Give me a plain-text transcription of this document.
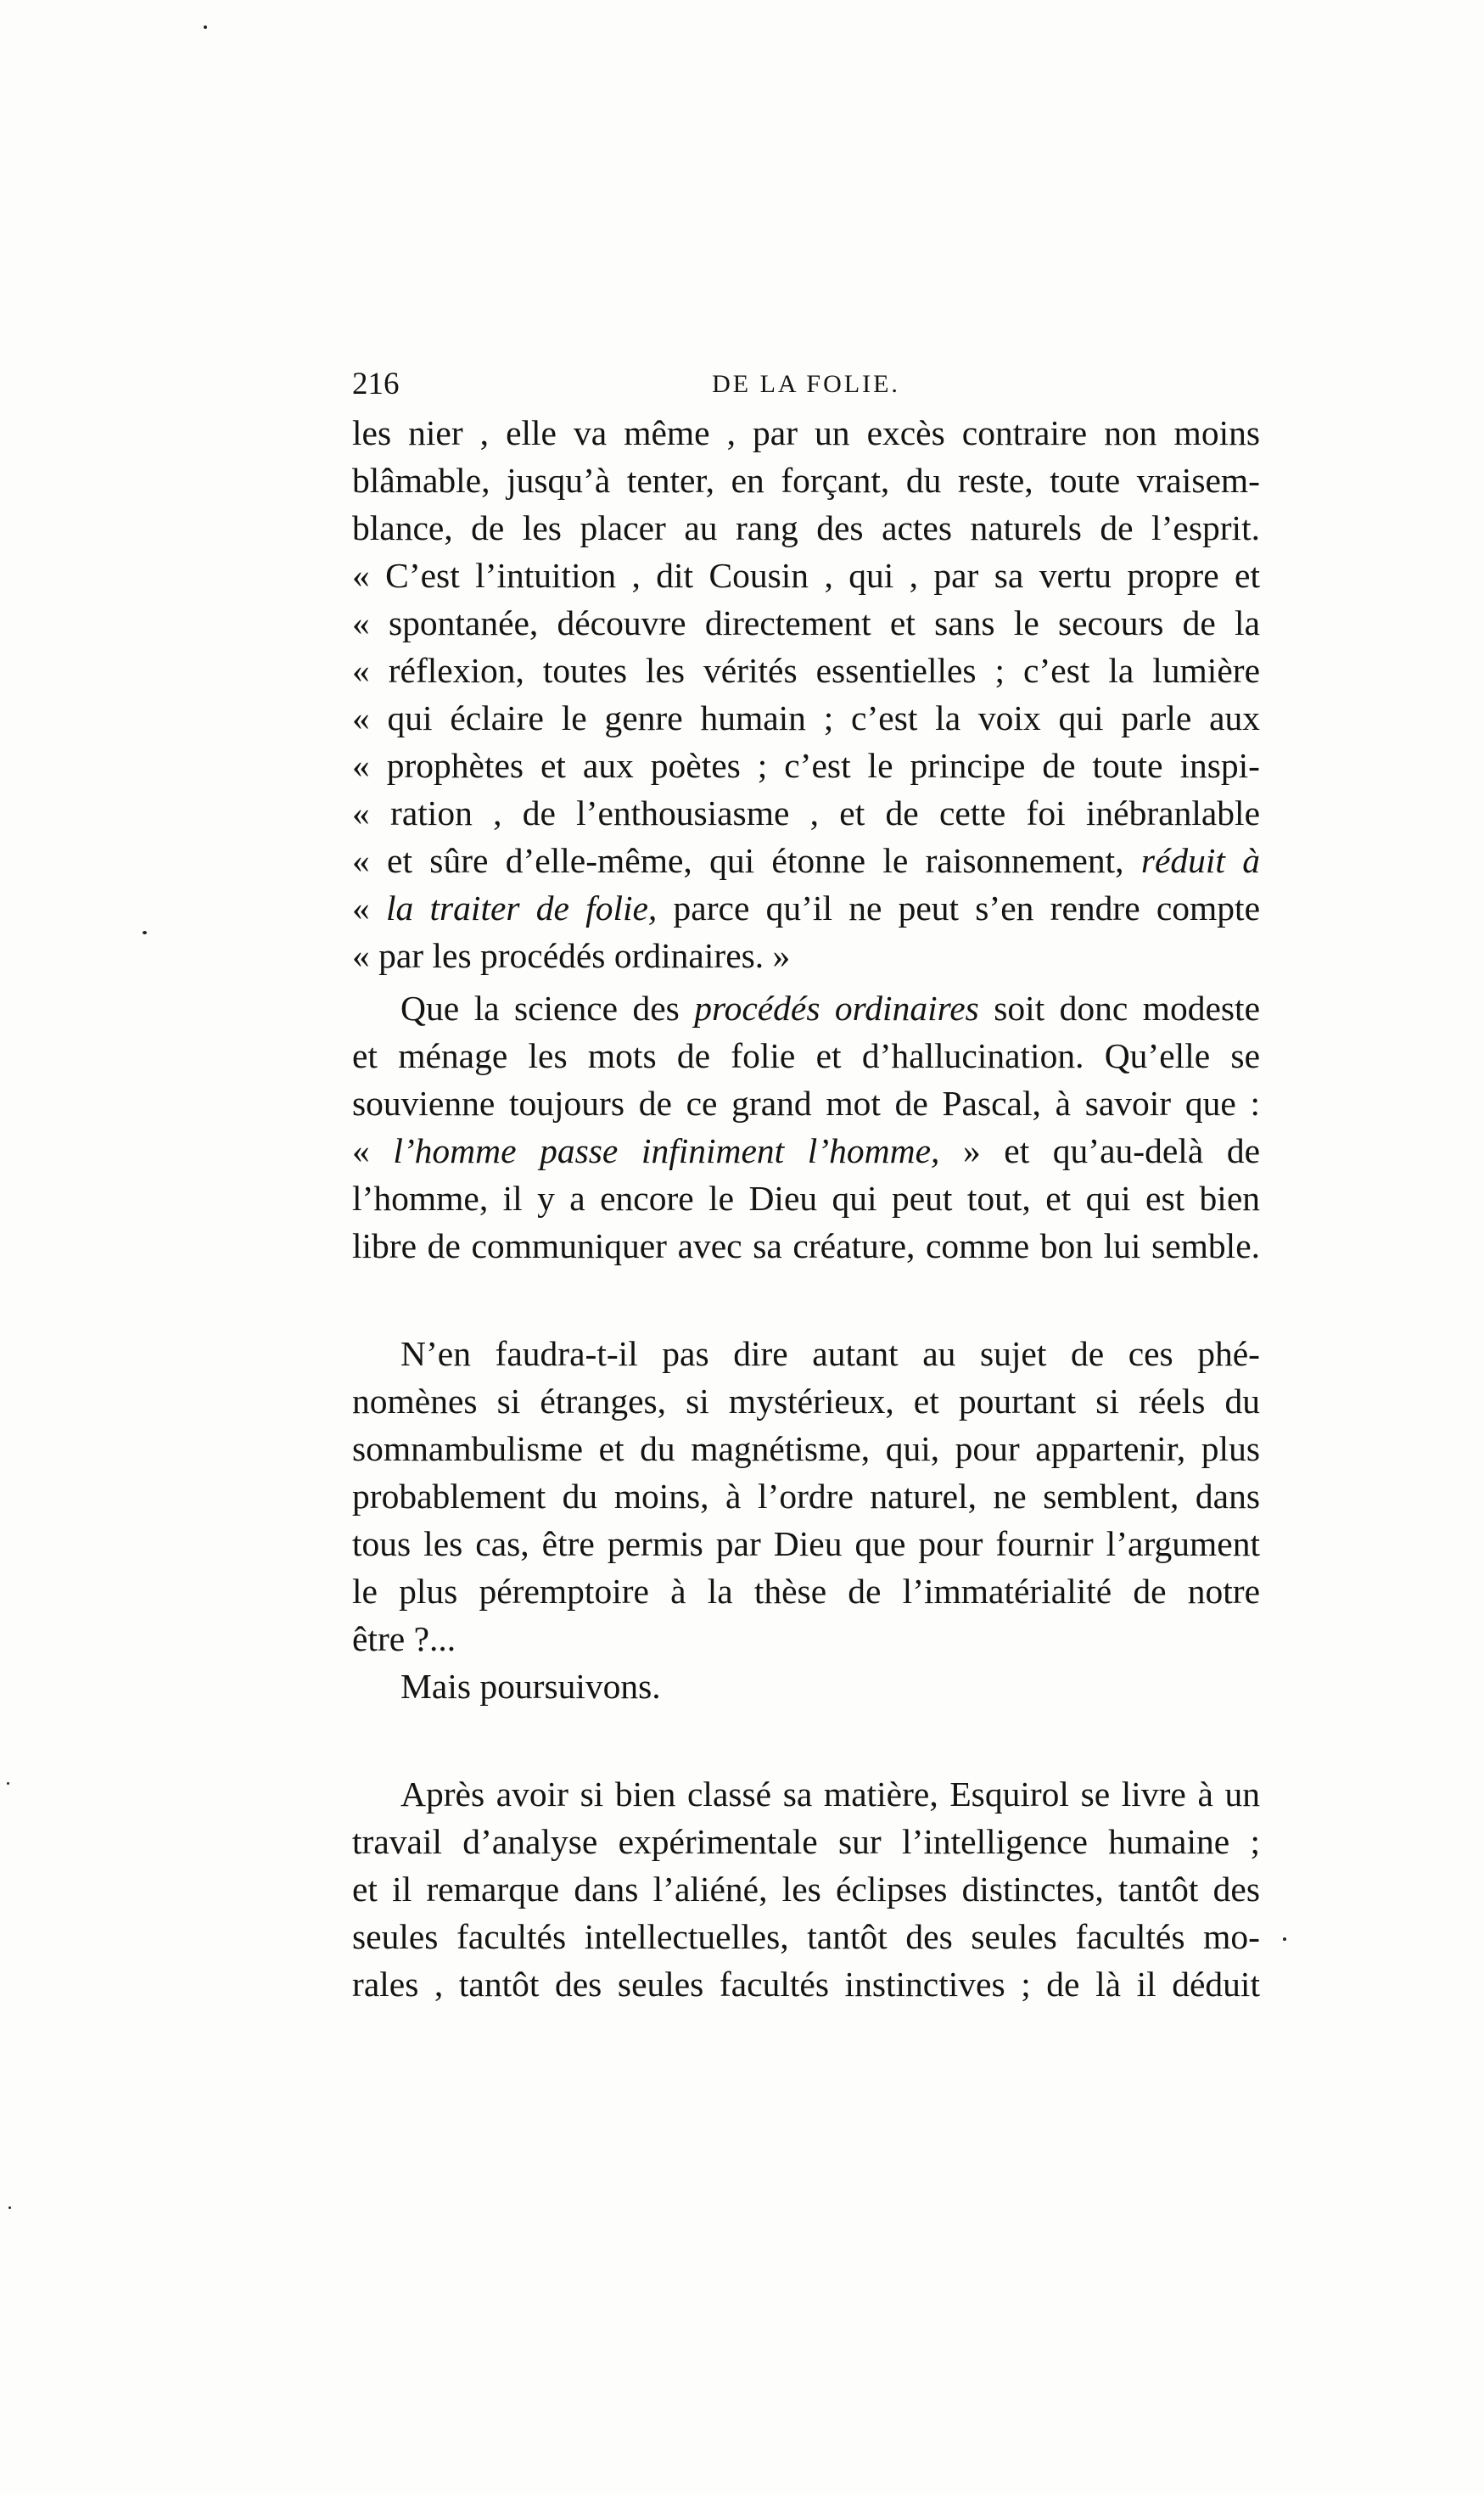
216	DE LA FOLIE.
les nier , elle va même , par un excès contraire non moins
blâmable, jusqu’à tenter, en forçant, du reste, toute vraisem-
blance, de les placer au rang des actes naturels de l’esprit.
« C’est l’intuition , dit Cousin , qui , par sa vertu propre et
« spontanée, découvre directement et sans le secours de la
« réflexion, toutes les vérités essentielles ; c’est la lumière
« qui éclaire le genre humain ; c’est la voix qui parle aux
« prophètes et aux poètes ; c’est le principe de toute inspi-
« ration , de l’enthousiasme , et de cette foi inébranlable
« et sûre d’elle-même, qui étonne le raisonnement, réduit à
« la traiter de folie, parce qu’il ne peut s’en rendre compte
« par les procédés ordinaires. »
Que la science des procédés ordinaires soit donc modeste
et ménage les mots de folie et d’hallucination. Qu’elle se
souvienne toujours de ce grand mot de Pascal, à savoir que :
« l’homme passe infiniment l’homme, » et qu’au-delà de
l’homme, il y a encore le Dieu qui peut tout, et qui est bien
libre de communiquer avec sa créature, comme bon lui semble.
N’en faudra-t-il pas dire autant au sujet de ces phé-
nomènes si étranges, si mystérieux, et pourtant si réels du
somnambulisme et du magnétisme, qui, pour appartenir, plus
probablement du moins, à l’ordre naturel, ne semblent, dans
tous les cas, être permis par Dieu que pour fournir l’argument
le plus péremptoire à la thèse de l’immatérialité de notre
être ?...
Mais poursuivons.
Après avoir si bien classé sa matière, Esquirol se livre à un
travail d’analyse expérimentale sur l’intelligence humaine ;
et il remarque dans l’aliéné, les éclipses distinctes, tantôt des
seules facultés intellectuelles, tantôt des seules facultés mo-
rales , tantôt des seules facultés instinctives ; de là il déduit
